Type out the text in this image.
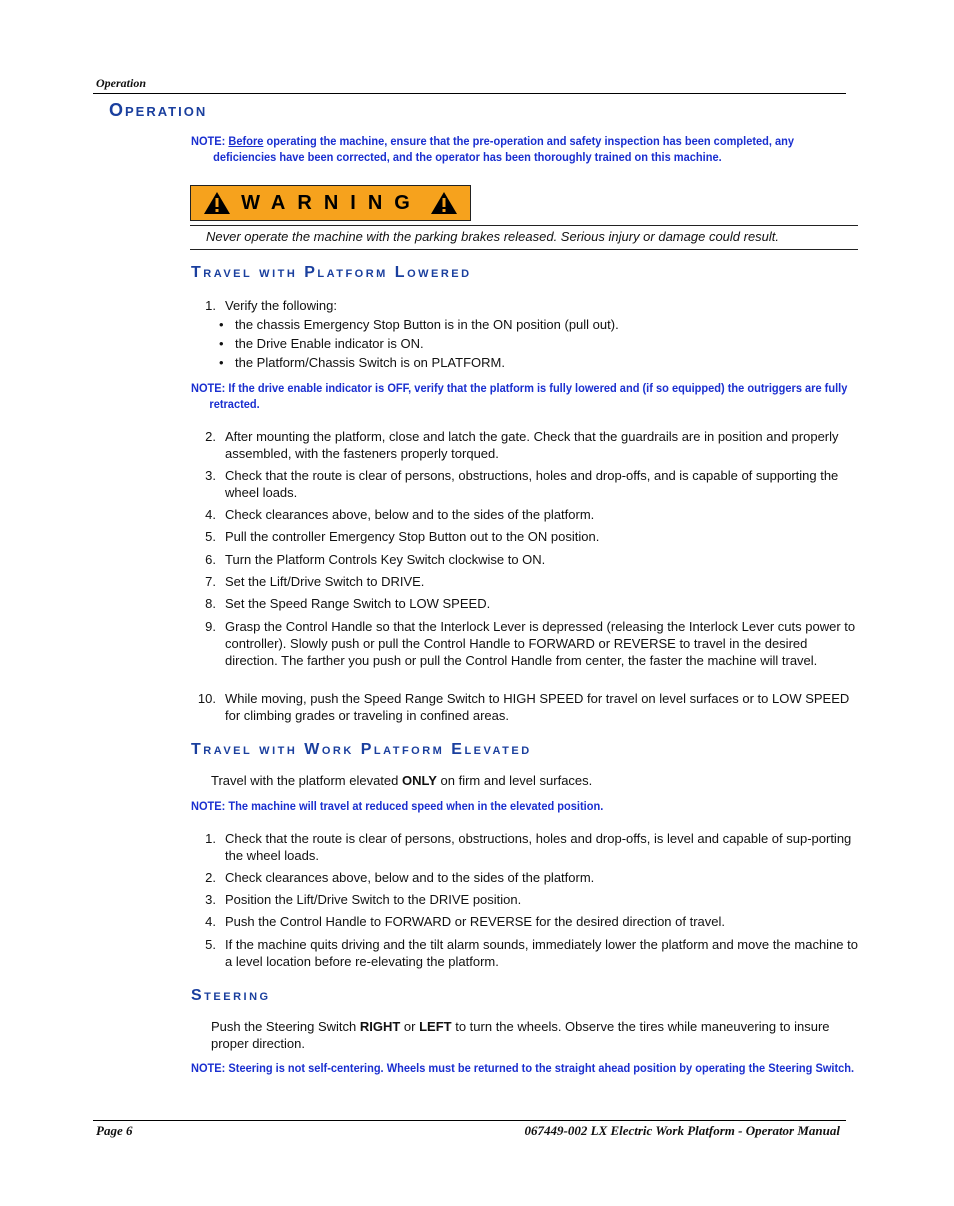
Operation
Operation
NOTE: Before operating the machine, ensure that the pre-operation and safety inspection has been completed, any deficiencies have been corrected, and the operator has been thoroughly trained on this machine.
WARNING
Never operate the machine with the parking brakes released. Serious injury or damage could result.
Travel with Platform Lowered
1. Verify the following:
• the chassis Emergency Stop Button is in the ON position (pull out).
• the Drive Enable indicator is ON.
• the Platform/Chassis Switch is on PLATFORM.
NOTE: If the drive enable indicator is OFF, verify that the platform is fully lowered and (if so equipped) the outriggers are fully retracted.
2. After mounting the platform, close and latch the gate. Check that the guardrails are in position and properly assembled, with the fasteners properly torqued.
3. Check that the route is clear of persons, obstructions, holes and drop-offs, and is capable of supporting the wheel loads.
4. Check clearances above, below and to the sides of the platform.
5. Pull the controller Emergency Stop Button out to the ON position.
6. Turn the Platform Controls Key Switch clockwise to ON.
7. Set the Lift/Drive Switch to DRIVE.
8. Set the Speed Range Switch to LOW SPEED.
9. Grasp the Control Handle so that the Interlock Lever is depressed (releasing the Interlock Lever cuts power to controller). Slowly push or pull the Control Handle to FORWARD or REVERSE to travel in the desired direction. The farther you push or pull the Control Handle from center, the faster the machine will travel.
10. While moving, push the Speed Range Switch to HIGH SPEED for travel on level surfaces or to LOW SPEED for climbing grades or traveling in confined areas.
Travel with Work Platform Elevated
Travel with the platform elevated ONLY on firm and level surfaces.
NOTE: The machine will travel at reduced speed when in the elevated position.
1. Check that the route is clear of persons, obstructions, holes and drop-offs, is level and capable of sup-porting the wheel loads.
2. Check clearances above, below and to the sides of the platform.
3. Position the Lift/Drive Switch to the DRIVE position.
4. Push the Control Handle to FORWARD or REVERSE for the desired direction of travel.
5. If the machine quits driving and the tilt alarm sounds, immediately lower the platform and move the machine to a level location before re-elevating the platform.
Steering
Push the Steering Switch RIGHT or LEFT to turn the wheels. Observe the tires while maneuvering to insure proper direction.
NOTE: Steering is not self-centering. Wheels must be returned to the straight ahead position by operating the Steering Switch.
Page 6	067449-002 LX Electric Work Platform - Operator Manual
